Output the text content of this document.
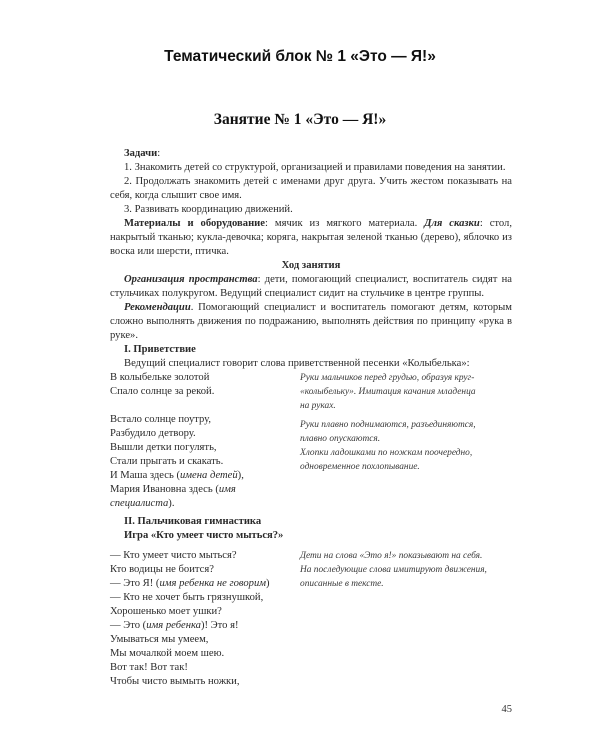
Тематический блок № 1 «Это — Я!»
Занятие № 1 «Это — Я!»

Задачи:

1. Знакомить детей со структурой, организацией и правилами поведения на занятии.

2. Продолжать знакомить детей с именами друг друга. Учить жестом показывать на себя, когда слышит свое имя.

3. Развивать координацию движений.

Материалы и оборудование: мячик из мягкого материала. Для сказки: стол, накрытый тканью; кукла-девочка; коряга, накрытая зеленой тканью (дерево), яблочко из воска или шерсти, птичка.

Ход занятия

Организация пространства: дети, помогающий специалист, воспитатель сидят на стульчиках полукругом. Ведущий специалист сидит на стульчике в центре группы.

Рекомендации. Помогающий специалист и воспитатель помогают детям, которым сложно выполнять движения по подражанию, выполнять действия по принципу «рука в руке».

I. Приветствие

Ведущий специалист говорит слова приветственной песенки «Колыбелька»:

В колыбельке золотой

Спало солнце за рекой.

Встало солнце поутру,

Разбудило детвору.

Вышли детки погулять,

Стали прыгать и скакать.

И Маша здесь (имена детей),

Мария Ивановна здесь (имя специалиста).

Руки мальчиков перед грудью, образуя круг-

«колыбельку». Имитация качания младенца

на руках.

Руки плавно поднимаются, разъединяются,

плавно опускаются.

Хлопки ладошками по ножкам поочередно,

одновременное похлопывание.

II. Пальчиковая гимнастика

Игра «Кто умеет чисто мыться?»

— Кто умеет чисто мыться?

Кто водицы не боится?

— Это Я! (имя ребенка не говорим)

— Кто не хочет быть грязнушкой,

Хорошенько моет ушки?

— Это (имя ребенка)! Это я!

Умываться мы умеем,

Мы мочалкой моем шею.

Вот так! Вот так!

Чтобы чисто вымыть ножки,

Дети на слова «Это я!» показывают на себя.

На последующие слова имитируют движения,

описанные в тексте.

45
